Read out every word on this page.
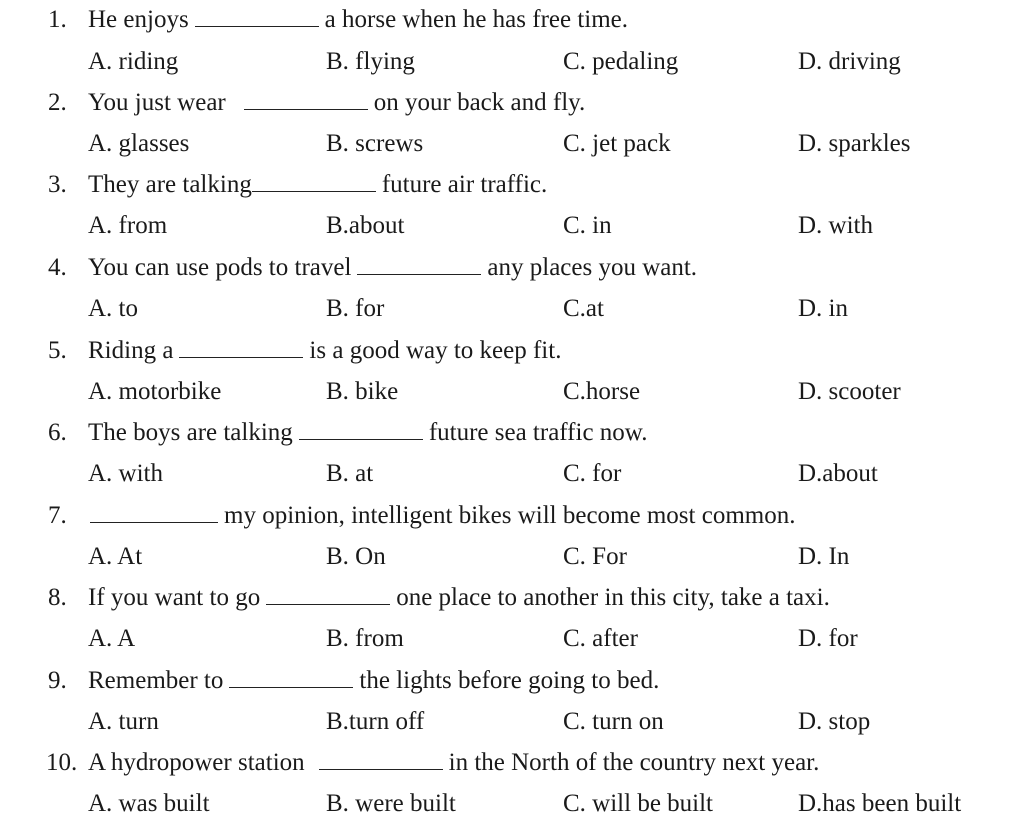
1. He enjoys	a horse when he has free time.
A. riding	B. flying	C. pedaling	D. driving
2. You just wear	on your back and fly.
A. glasses	B. screws	C. jet pack	D. sparkles
3. They are talking	future air traffic.
A. from	B.about	C. in	D. with
4. You can use pods to travel	any places you want.
A. to	B. for	C.at	D. in
5. Riding a	is a good way to keep fit.
A. motorbike	B. bike	C.horse	D. scooter
6. The boys are talking	future sea traffic now.
A. with	B. at	C. for	D.about
7.	my opinion, intelligent bikes will become most common.
A. At	B. On	C. For	D. In
8. If you want to go	one place to another in this city, take a taxi.
A. A	B. from	C. after	D. for
9. Remember to	the lights before going to bed.
A. turn	B.turn off	C. turn on	D. stop
10. A hydropower station	in the North of the country next year.
A. was built	B. were built	C. will be built	D.has been built
